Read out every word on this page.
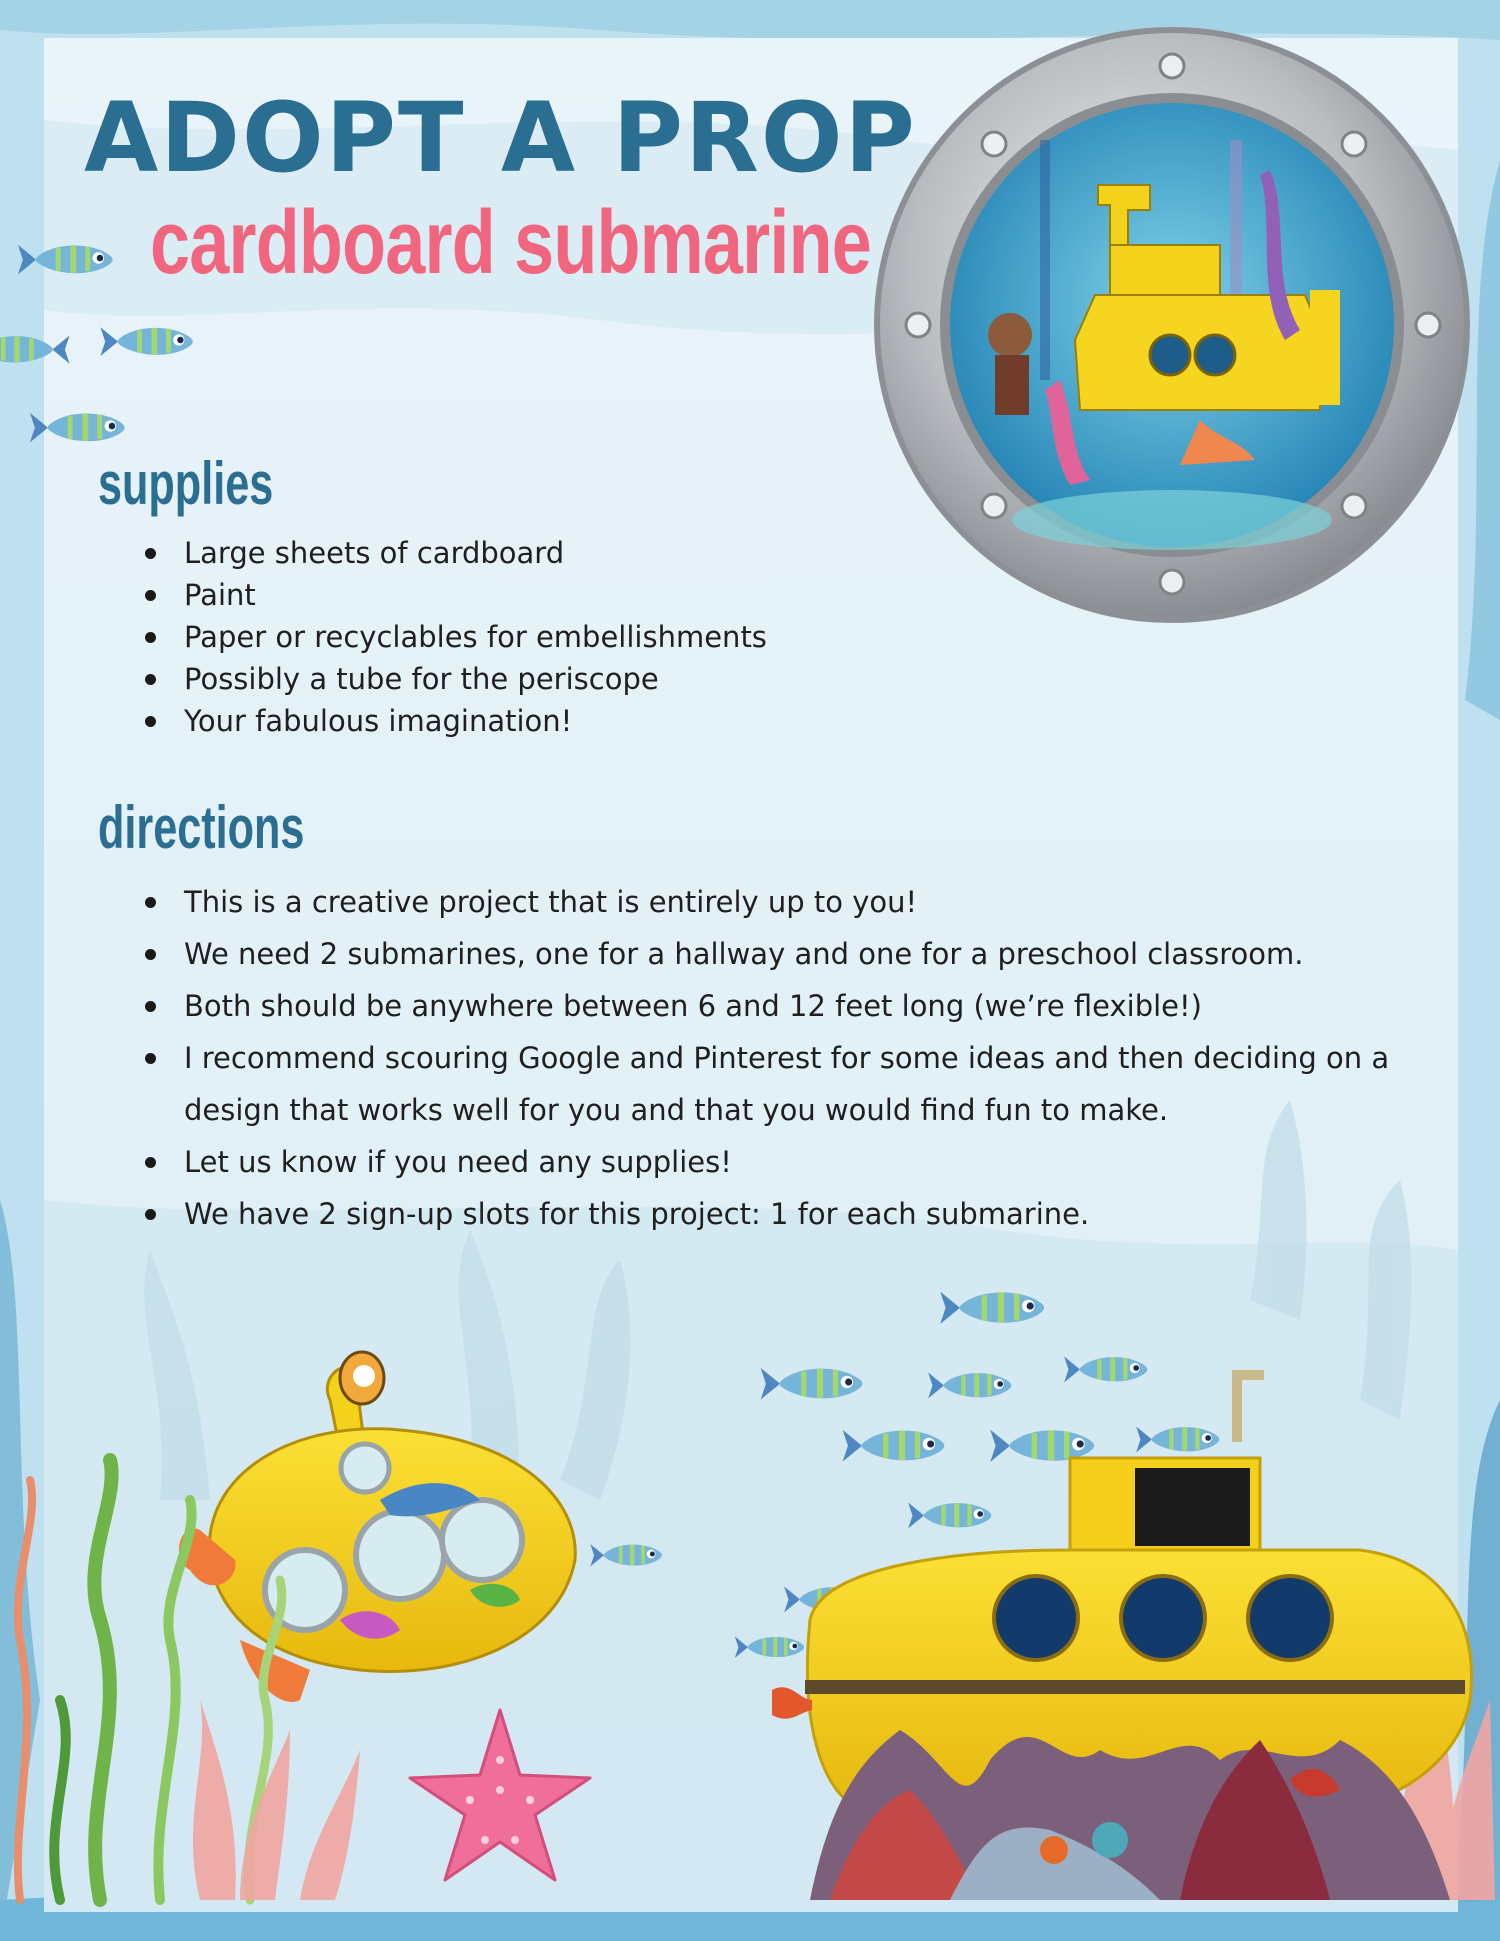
ADOPT A PROP
cardboard submarine
supplies
Large sheets of cardboard
Paint
Paper or recyclables for embellishments
Possibly a tube for the periscope
Your fabulous imagination!
directions
This is a creative project that is entirely up to you!
We need 2 submarines, one for a hallway and one for a preschool classroom.
Both should be anywhere between 6 and 12 feet long (we’re flexible!)
I recommend scouring Google and Pinterest for some ideas and then deciding on a design that works well for you and that you would find fun to make.
Let us know if you need any supplies!
We have 2 sign-up slots for this project: 1 for each submarine.
